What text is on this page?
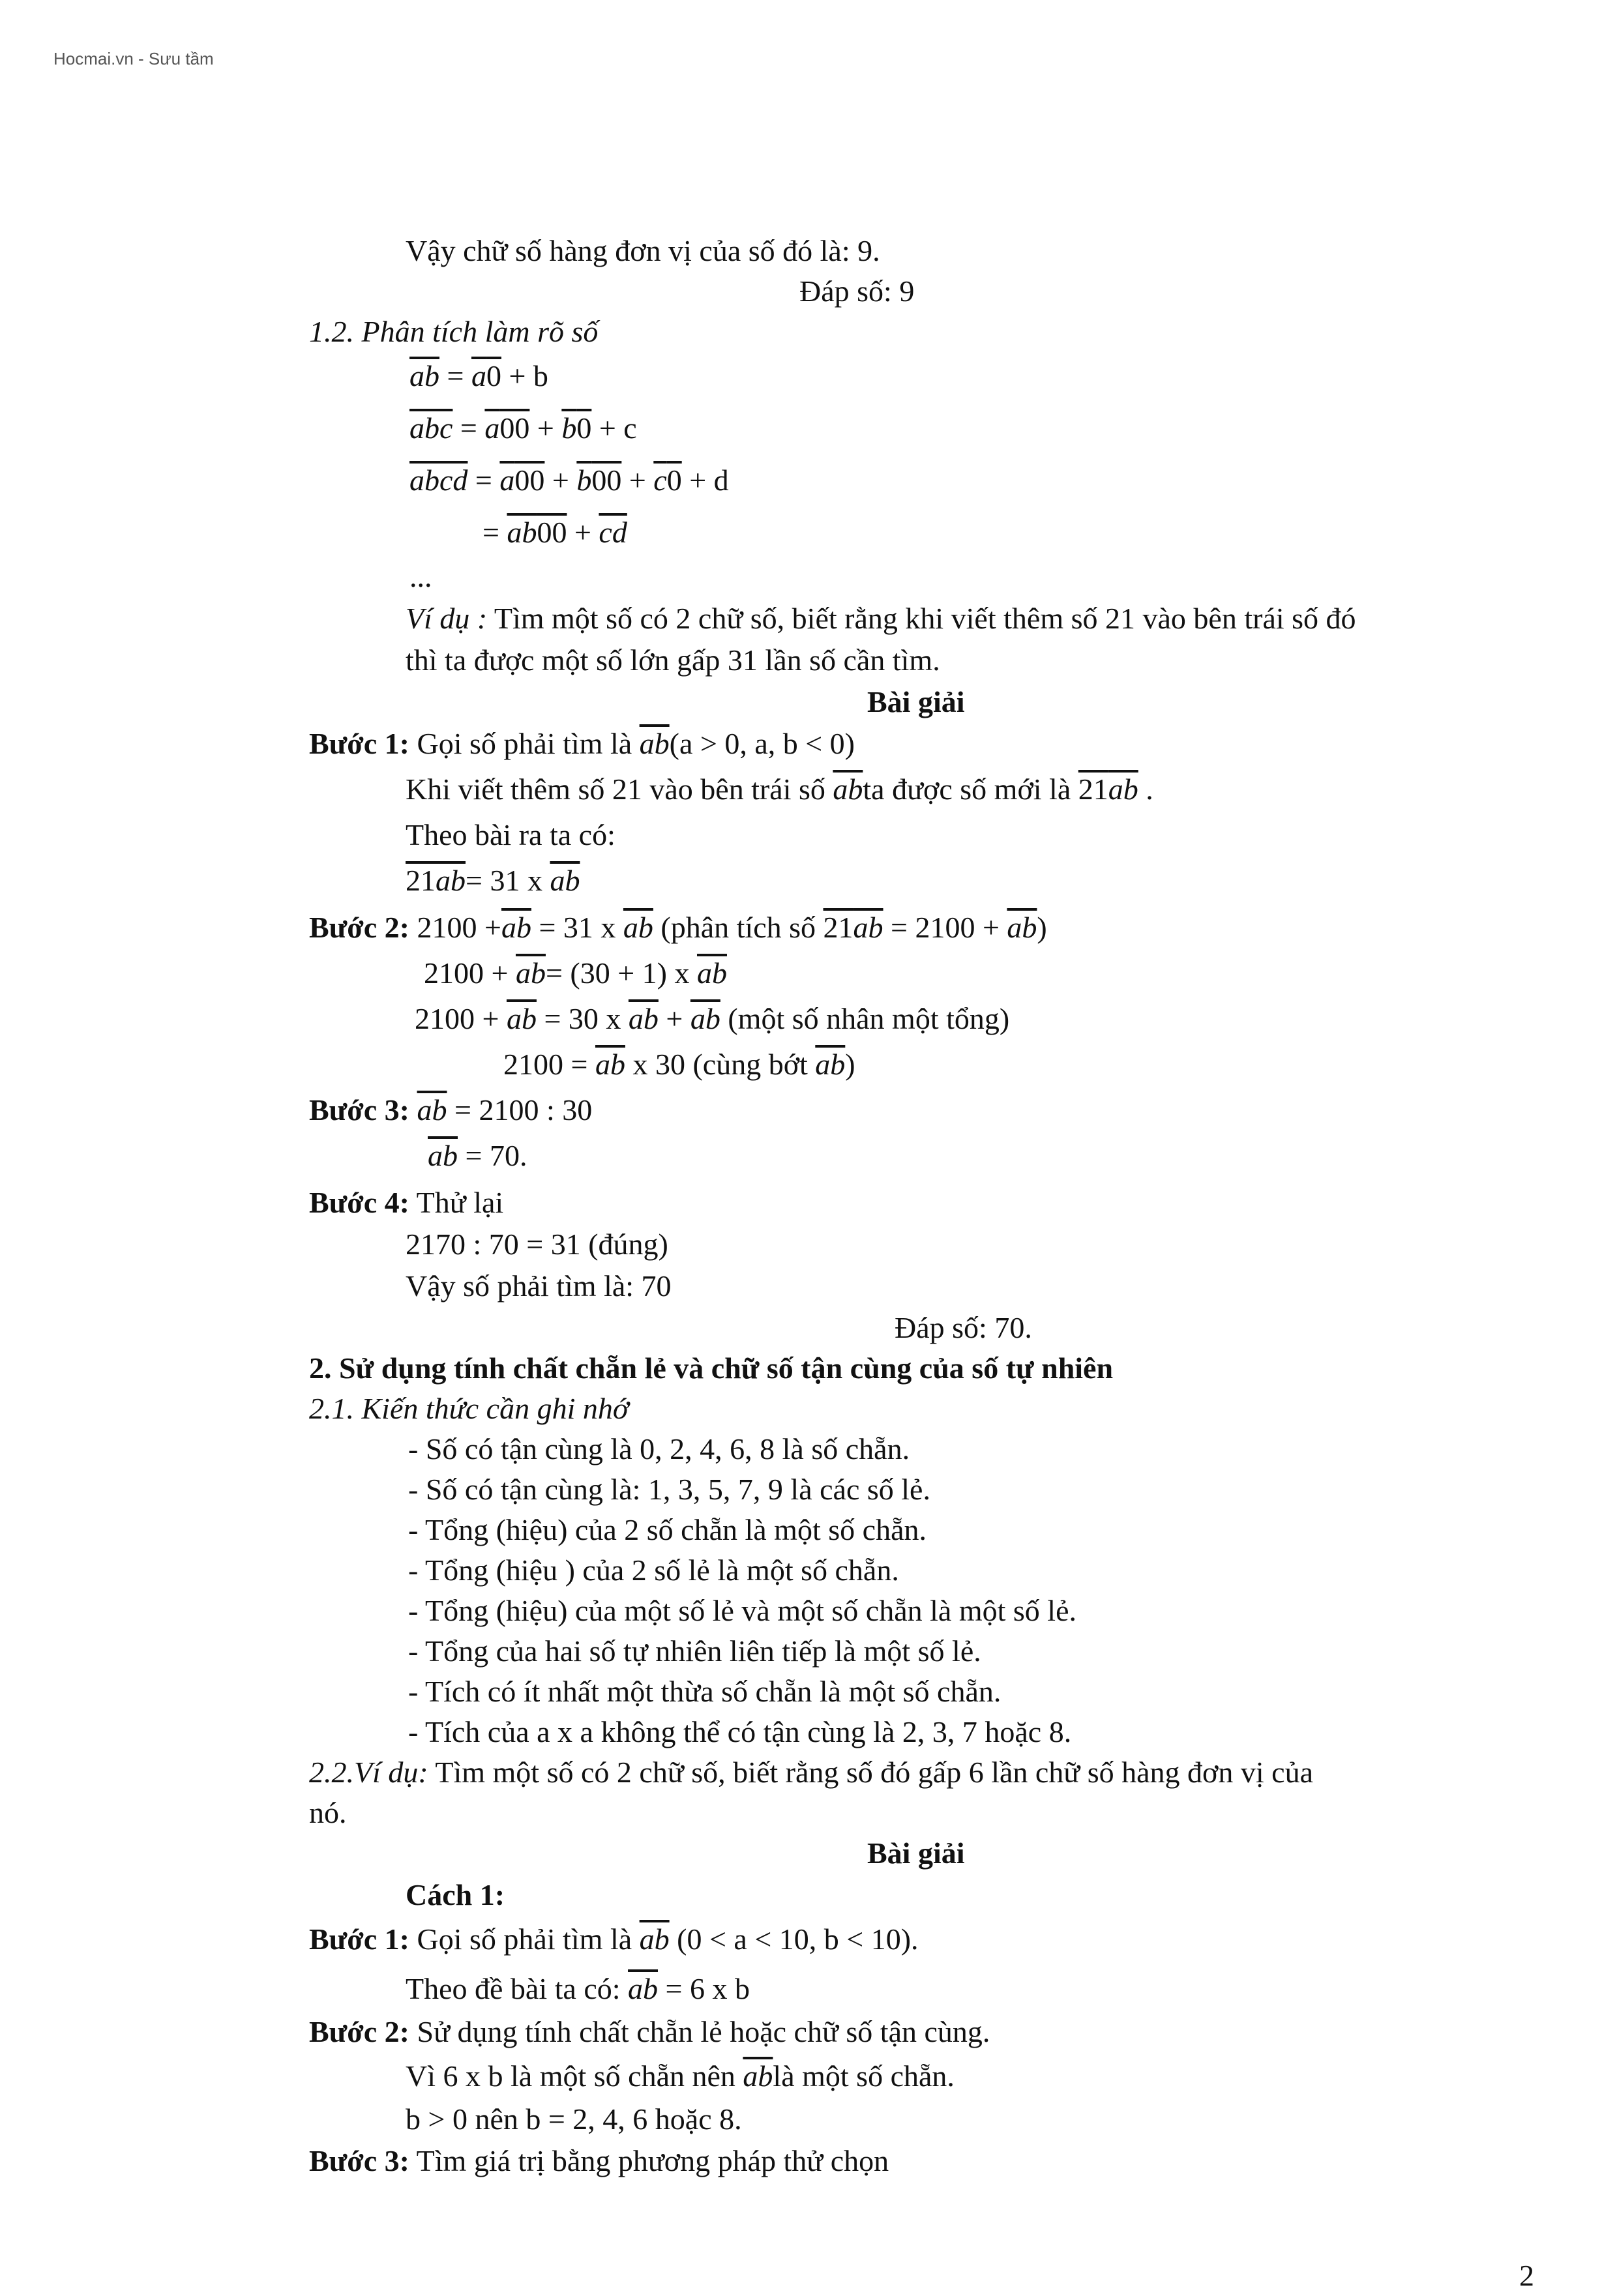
Hocmai.vn - Sưu tầm
Vậy chữ số hàng đơn vị của số đó là: 9.
Đáp số: 9
1.2. Phân tích làm rõ số
$\overline{ab} = a0 + b$
$\overline{abc} = a00 + b0 + c$
abcd = a00 + b00 + c0 + d
= $ab00 + \overline{cd}$
...
Ví dụ : Tìm một số có 2 chữ số, biết rằng khi viết thêm số 21 vào bên trái số đó
thì ta được một số lớn gấp 31 lần số cần tìm.
Bài giải
Bước 1: Gọi số phải tìm là $\overline{ab}(a > 0$, a, b < 0)
Khi viết thêm số 21 vào bên trái số $\overline{ab}ta$ được số mới là 21ab .
Theo bài ra ta có:
21ab= 31 x $\overline{ab}$
Bước 2: $2100 +\overline{ab} = 31$ x $\overline{ab}$ (phân tích số $21ab = 2100 + \overline{ab}$)
$2100 + \overline{ab}= (30 + 1)$ x $\overline{ab}$
$2100 + \overline{ab} = 30$ x $\overline{ab} + \overline{ab}$ (một số nhân một tổng)
$2100 = \overline{ab}$ x 30 (cùng bớt $\overline{ab}$)
Bước 3: $\overline{ab} = 2100$ : 30
$\overline{ab} = 70$.
Bước 4: Thử lại
2170 : 70 = 31 (đúng)
Vậy số phải tìm là: 70
Đáp số: 70.
2. Sử dụng tính chất chẵn lẻ và chữ số tận cùng của số tự nhiên
2.1. Kiến thức cần ghi nhớ
- Số có tận cùng là 0, 2, 4, 6, 8 là số chẵn.
- Số có tận cùng là: 1, 3, 5, 7, 9 là các số lẻ.
- Tổng (hiệu) của 2 số chẵn là một số chẵn.
- Tổng (hiệu ) của 2 số lẻ là một số chẵn.
- Tổng (hiệu) của một số lẻ và một số chẵn là một số lẻ.
- Tổng của hai số tự nhiên liên tiếp là một số lẻ.
- Tích có ít nhất một thừa số chẵn là một số chẵn.
- Tích của a x a không thể có tận cùng là 2, 3, 7 hoặc 8.
2.2.Ví dụ: Tìm một số có 2 chữ số, biết rằng số đó gấp 6 lần chữ số hàng đơn vị của
nó.
Bài giải
Cách 1:
Bước 1: Gọi số phải tìm là $\overline{ab}$ (0 < a < 10, b < 10).
Theo đề bài ta có: $\overline{ab} = 6$ x b
Bước 2: Sử dụng tính chất chẵn lẻ hoặc chữ số tận cùng.
Vì 6 x b là một số chẵn nên $\overline{ab}là$ một số chẵn.
b > 0 nên b = 2, 4, 6 hoặc 8.
Bước 3: Tìm giá trị bằng phương pháp thử chọn
2
